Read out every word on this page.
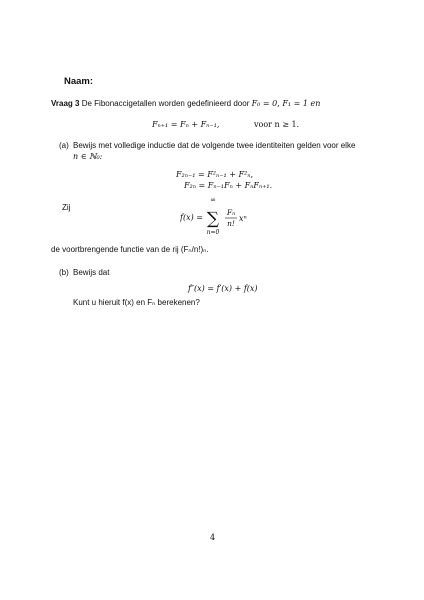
Naam:
Vraag 3 De Fibonaccigetallen worden gedefinieerd door F₀ = 0, F₁ = 1 en
Fₙ₊₁ = Fₙ + Fₙ₋₁,	voor n ≥ 1.
(a) Bewijs met volledige inductie dat de volgende twee identiteiten gelden voor elke
n ∈ ℕ₀:
F₂ₙ₋₁ = F²ₙ₋₁ + F²ₙ,
F₂ₙ = Fₙ₋₁Fₙ + FₙFₙ₊₁.
Zij
f(x) =
∞
∑
n=0
Fₙ
n!
xⁿ
de voortbrengende functie van de rij (Fₙ/n!)ₙ.
(b) Bewijs dat
f″(x) = f′(x) + f(x)
Kunt u hieruit f(x) en Fₙ berekenen?
4
